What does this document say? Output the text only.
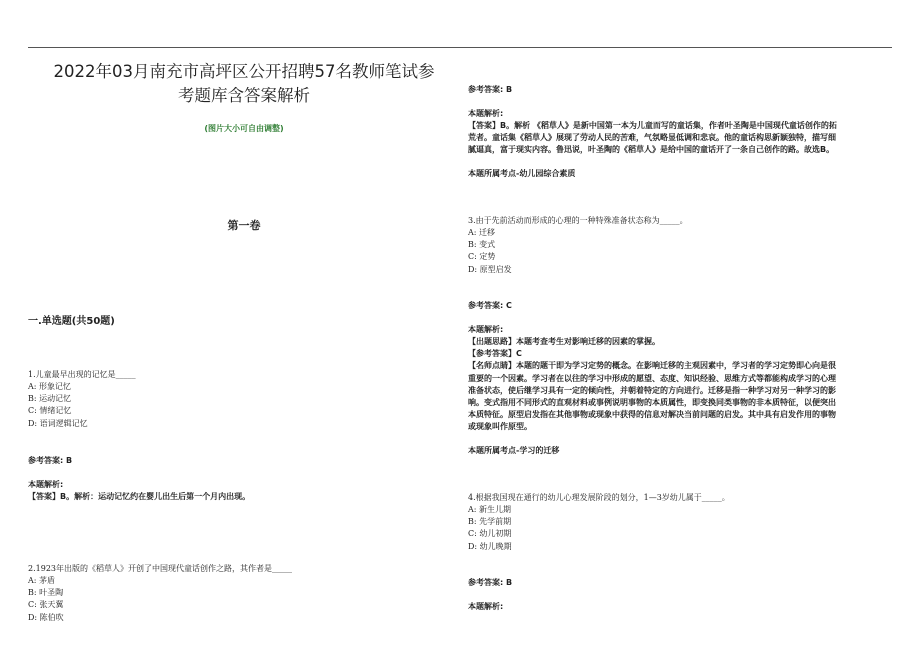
2022年03月南充市高坪区公开招聘57名教师笔试参
考题库含答案解析
(图片大小可自由调整)
第一卷
一.单选题(共50题)
1.儿童最早出现的记忆是_____
A: 形象记忆
B: 运动记忆
C: 情绪记忆
D: 语词逻辑记忆
参考答案: B
本题解析:
【答案】B。解析：运动记忆约在婴儿出生后第一个月内出现。
2.1923年出版的《稻草人》开创了中国现代童话创作之路，其作者是_____
A: 茅盾
B: 叶圣陶
C: 张天翼
D: 陈伯吹
参考答案: B
本题解析:
【答案】B。解析 《稻草人》是新中国第一本为儿童而写的童话集，作者叶圣陶是中国现代童话创作的拓
荒者。童话集《稻草人》展现了劳动人民的苦难，气氛略显低调和悲哀。他的童话构思新颖独特，描写细
腻逼真，富于现实内容。鲁迅说，叶圣陶的《稻草人》是给中国的童话开了一条自己创作的路。故选B。
本题所属考点-幼儿园综合素质
3.由于先前活动而形成的心理的一种特殊准备状态称为_____。
A: 迁移
B: 变式
C: 定势
D: 原型启发
参考答案: C
本题解析:
【出题思路】本题考查考生对影响迁移的因素的掌握。
【参考答案】C
【名师点睛】本题的题干即为学习定势的概念。在影响迁移的主观因素中，学习者的学习定势即心向是很
重要的一个因素。学习者在以往的学习中形成的愿望、态度、知识经验、思维方式等都能构成学习的心理
准备状态，使后继学习具有一定的倾向性，并朝着特定的方向进行。迁移是指一种学习对另一种学习的影
响。变式指用不同形式的直观材料或事例说明事物的本质属性，即变换同类事物的非本质特征，以便突出
本质特征。原型启发指在其他事物或现象中获得的信息对解决当前问题的启发。其中具有启发作用的事物
或现象叫作原型。
本题所属考点-学习的迁移
4.根据我国现在通行的幼儿心理发展阶段的划分，1—3岁幼儿属于_____。
A: 新生儿期
B: 先学前期
C: 幼儿初期
D: 幼儿晚期
参考答案: B
本题解析:
